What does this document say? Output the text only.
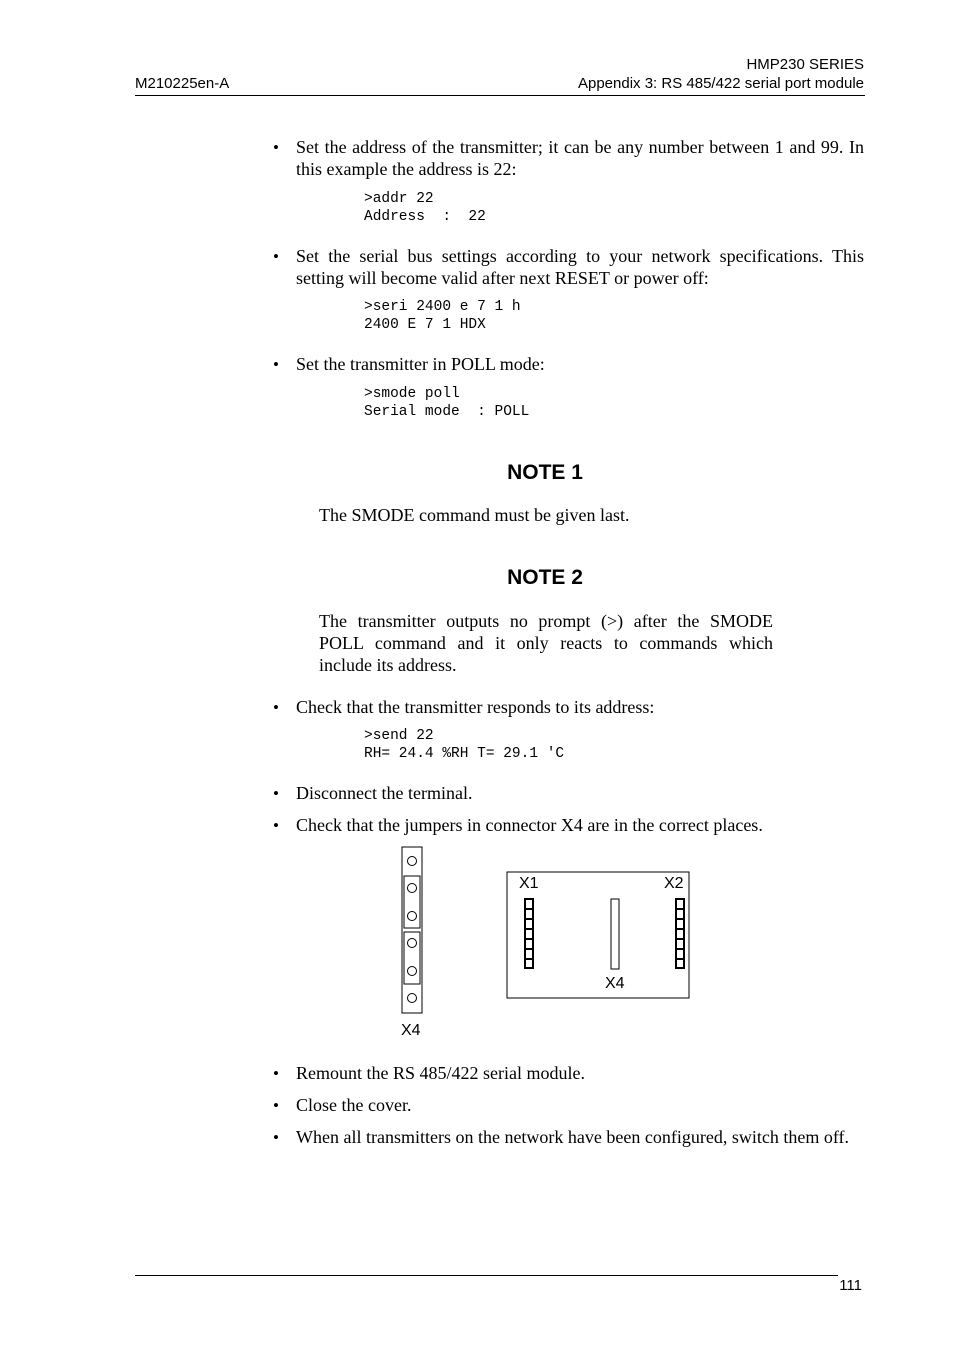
M210225en-A
HMP230 SERIES
Appendix 3: RS 485/422 serial port module
• Set the address of the transmitter; it can be any number between 1 and 99. In this example the address is 22:
>addr 22
Address  :  22
• Set the serial bus settings according to your network specifications. This setting will become valid after next RESET or power off:
>seri 2400 e 7 1 h
2400 E 7 1 HDX
• Set the transmitter in POLL mode:
>smode poll
Serial mode  : POLL
NOTE 1
The SMODE command must be given last.
NOTE 2
The transmitter outputs no prompt (>) after the SMODE POLL command and it only reacts to commands which include its address.
• Check that the transmitter responds to its address:
>send 22
RH= 24.4 %RH T= 29.1 'C
• Disconnect the terminal.
• Check that the jumpers in connector X4 are in the correct places.
X4
X1	X2
X4
• Remount the RS 485/422 serial module.
• Close the cover.
• When all transmitters on the network have been configured, switch them off.
111
